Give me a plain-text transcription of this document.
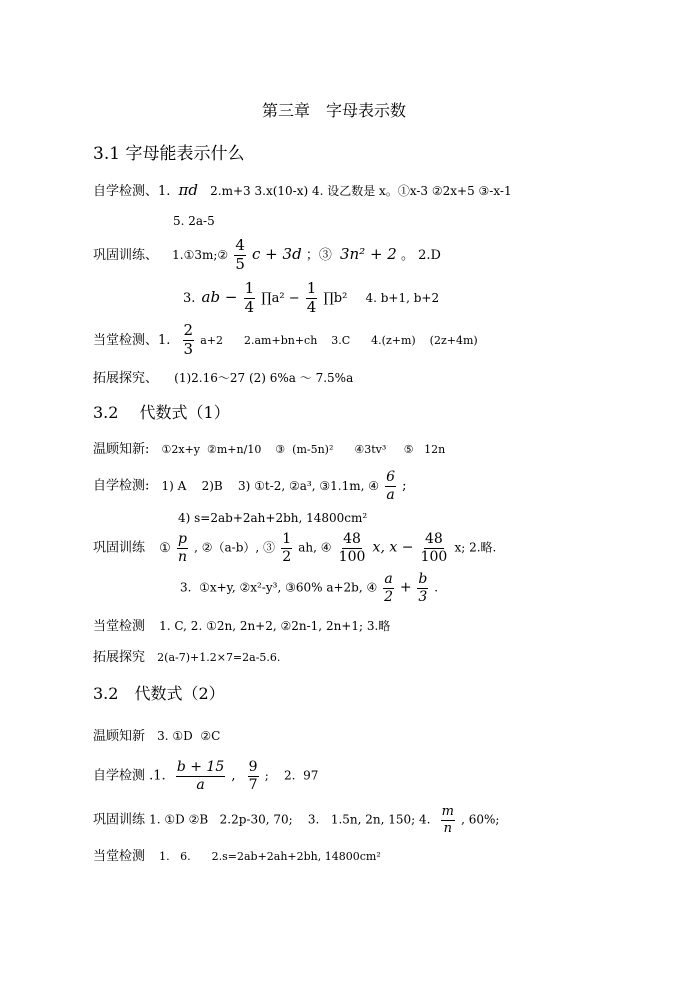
第三章　字母表示数
3.1 字母能表示什么
自学检测、1. πd 2.m+3 3.x(10-x) 4. 设乙数是 x。①x-3 ②2x+5 ③-x-1
5. 2a-5
巩固训练、 1.①3m;② $\frac{4}{5}$ c + 3d ；③ 3n² + 2 。 2.D
3. ab − $\frac{1}{4}$ ∏a² − $\frac{1}{4}$ ∏b² 4. b+1, b+2
当堂检测、1. $\frac{2}{3} a+2$      2.am+bn+ch    3.C      4.(z+m)    (2z+4m)
拓展探究、 (1)2.16～27 (2) 6%a ～ 7.5%a
3.2　 代数式（1）
温顾知新: ①2x+y  ②m+n/10    ③  (m-5n)²      ④3tv³     ⑤   12n
自学检测: 1) A    2)B    3) ①t-2, ②a³, ③1.1m, ④ $\frac{6}{a}$ ;
4) s=2ab+2ah+2bh, 14800cm²
巩固训练 ① $\frac{p}{n}$ , ②（a-b）, ③ $\frac{1}{2}$ ah, ④ $\frac{48}{100} x$, $x - \frac{48}{100} x$; 2.略.
3.  ①x+y, ②x²-y³, ③60% a+2b, ④ $\frac{a}{2} + \frac{b}{3}$ .
当堂检测 1. C, 2. ①2n, 2n+2, ②2n-1, 2n+1; 3.略
拓展探究 2(a-7)+1.2×7=2a-5.6.
3.2　代数式（2）
温顾知新 3. ①D  ②C
自学检测 .1. $\frac{b + 15}{a}$ , $\frac{9}{7}$ ;    2.  97
巩固训练 1. ①D ②B   2.2p-30, 70;    3.   1.5n, 2n, 150; 4. $\frac{m}{n}$ , 60%;
当堂检测 1.   6.      2.s=2ab+2ah+2bh, 14800cm²
